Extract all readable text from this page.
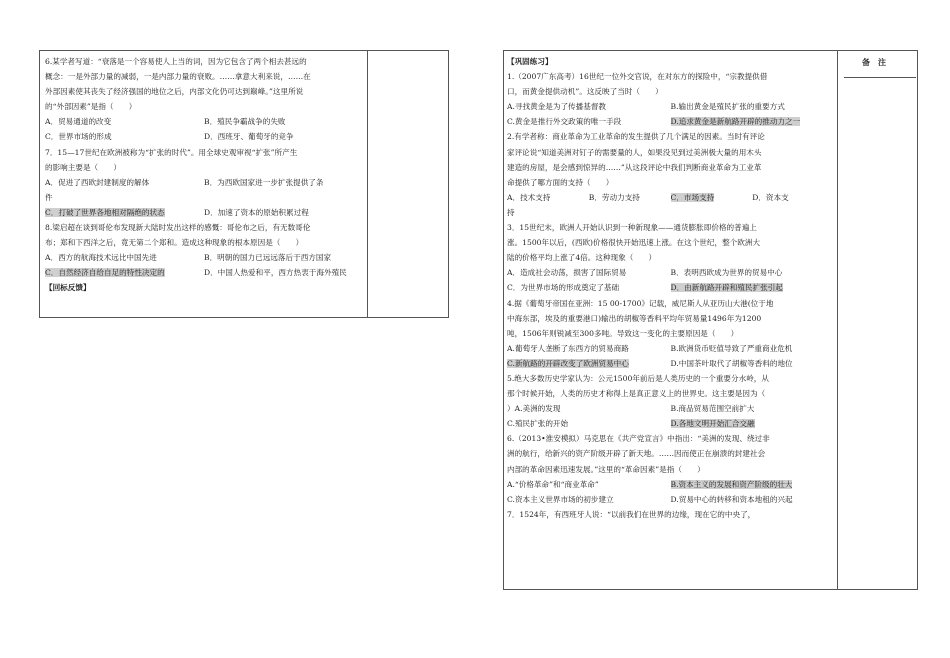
6.某学者写道：“衰落是一个容易使人上当的词，因为它包含了两个相去甚远的
概念：一是外部力量的减弱，一是内部力量的衰败。……拿意大利来说，……在
外部因素使其丧失了经济强国的地位之后，内部文化仍可达到巅峰。”这里所说
的“外部因素”是指（　　）
A．贸易通道的改变	B．殖民争霸战争的失败
C．世界市场的形成	D．西班牙、葡萄牙的竞争
7．15—17世纪在欧洲被称为“扩张的时代”。用全球史观审视“扩张”所产生
的影响主要是（　　）
A．促进了西欧封建制度的解体	B．为西欧国家进一步扩张提供了条
件
C．打破了世界各地相对隔绝的状态	D．加速了资本的原始积累过程
8.梁启超在谈到哥伦布发现新大陆时发出这样的感慨：哥伦布之后，有无数哥伦
布；郑和下西洋之后，竟无第二个郑和。造成这种现象的根本原因是（　　）
A．西方的航海技术远比中国先进	B．明朝的国力已远远落后于西方国家
C．自然经济自给自足的特性决定的	D．中国人热爱和平，西方热衷于海外殖民
【回标反馈】
备注
【巩固练习】
1.（2007广东高考）16世纪一位外交官说，在对东方的探险中，“宗教提供借
口，而黄金提供动机”。这反映了当时（　　）
A.寻找黄金是为了传播基督教	B.输出黄金是殖民扩张的重要方式
C.黄金是推行外交政策的唯一手段	D.追求黄金是新航路开辟的推动力之一
2.有学者称：商业革命为工业革命的发生提供了几个满足的因素。当时有评论
家评论说“知道美洲对钉子的需要量的人，如果没见到过美洲极大量的用木头
建造的房屋，是会感到惊异的……”从这段评论中我们判断商业革命为工业革
命提供了哪方面的支持（　　）
A．技术支持	B．劳动力支持	C．市场支持	D．资本支
持
3．15世纪末，欧洲人开始认识到一种新现象——通货膨胀即价格的普遍上
涨。1500年以后，(西欧)价格很快开始迅速上涨。在这个世纪，整个欧洲大
陆的价格平均上涨了4倍。这种现象（　　）
A．造成社会动荡，损害了国际贸易	B．表明西欧成为世界的贸易中心
C．为世界市场的形成奠定了基础	D．由新航路开辟和殖民扩张引起
4.据《葡萄牙帝国在亚洲：15 00-1700》记载，威尼斯人从亚历山大港(位于地
中海东部，埃及的重要港口)输出的胡椒等香料平均年贸易量1496年为1200
吨，1506年则锐减至300多吨。导致这一变化的主要原因是（　　）
A.葡萄牙人垄断了东西方的贸易商路	B.欧洲货币贬值导致了严重商业危机
C.新航路的开辟改变了欧洲贸易中心	D.中国茶叶取代了胡椒等香料的地位
5.绝大多数历史学家认为：公元1500年前后是人类历史的一个重要分水岭，从
那个时候开始，人类的历史才称得上是真正意义上的世界史。这主要是因为（
）A.美洲的发现	B.商品贸易范围空前扩大
C.殖民扩张的开始	D.各地文明开始汇合交融
6.（2013•淮安模拟）马克思在《共产党宣言》中指出：“美洲的发现、绕过非
洲的航行，给新兴的资产阶级开辟了新天地。……因而使正在崩溃的封建社会
内部的革命因素迅速发展。”这里的“革命因素”是指（　　）
A.“价格革命”和“商业革命”	B.资本主义的发展和资产阶级的壮大
C.资本主义世界市场的初步建立	D.贸易中心的转移和资本地租的兴起
7．1524年，有西班牙人说：“以前我们在世界的边缘，现在它的中央了，
